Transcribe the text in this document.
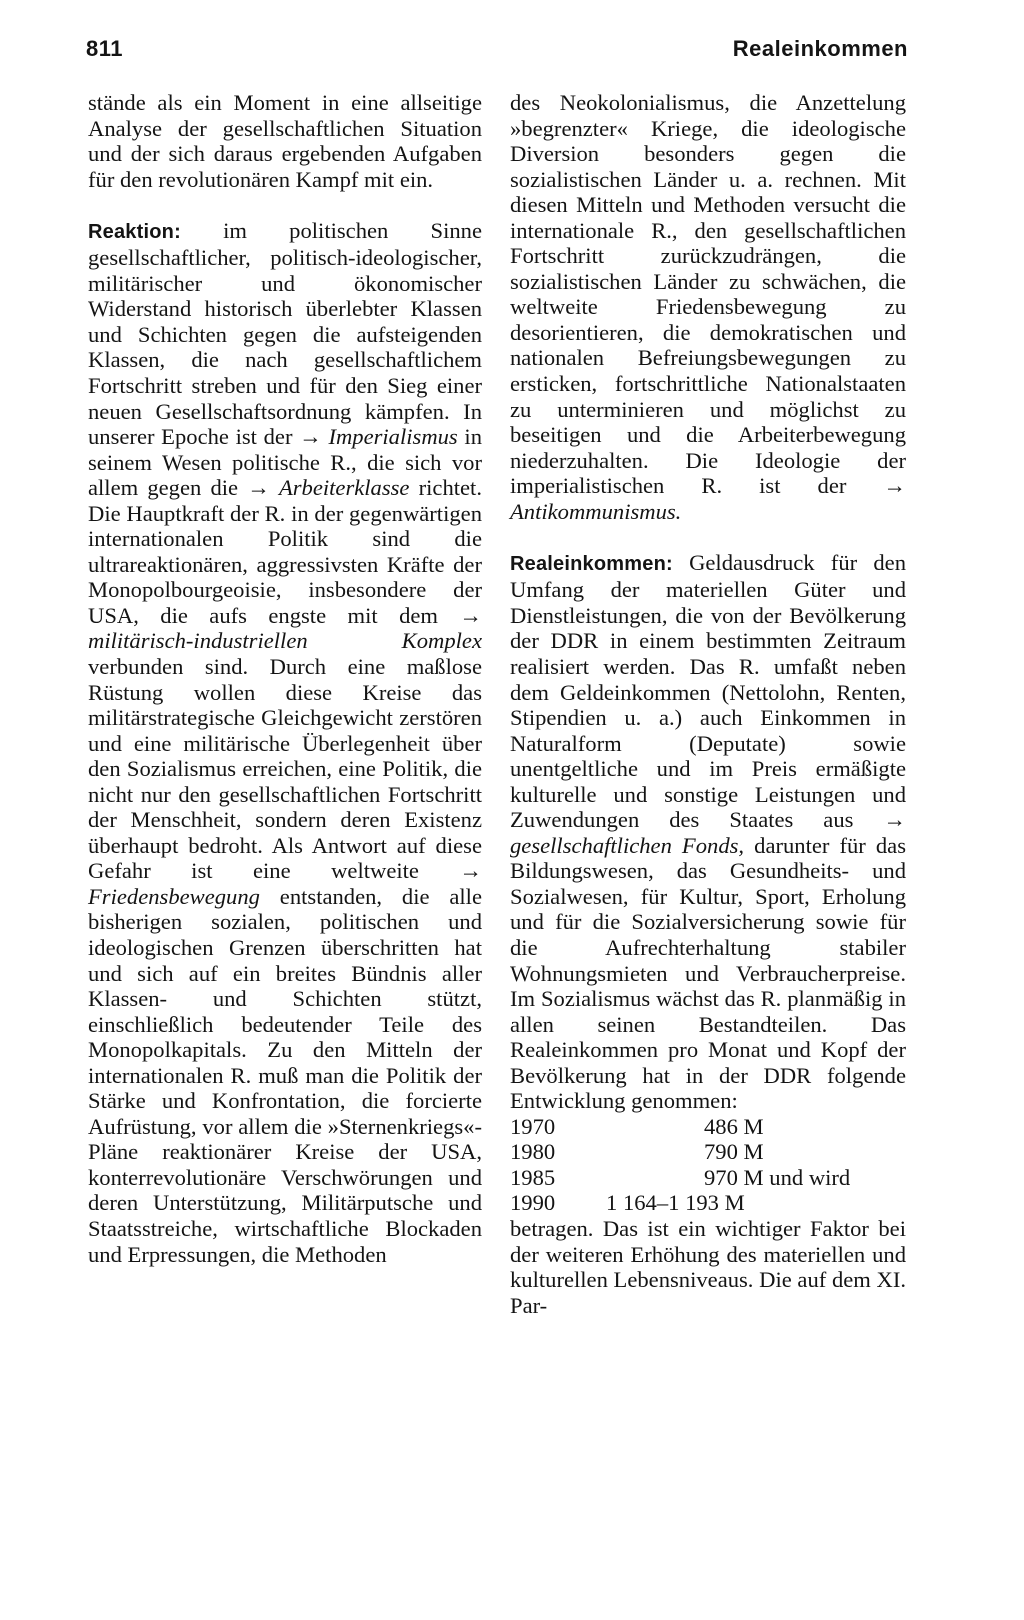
811	Realeinkommen

stände als ein Moment in eine allseitige Analyse der gesellschaftlichen Situation und der sich daraus ergebenden Aufgaben für den revolutionären Kampf mit ein.

Reaktion: im politischen Sinne gesellschaftlicher, politisch-ideologischer, militärischer und ökonomischer Widerstand historisch überlebter Klassen und Schichten gegen die aufsteigenden Klassen, die nach gesellschaftlichem Fortschritt streben und für den Sieg einer neuen Gesellschaftsordnung kämpfen. In unserer Epoche ist der → Imperialismus in seinem Wesen politische R., die sich vor allem gegen die → Arbeiterklasse richtet. Die Hauptkraft der R. in der gegenwärtigen internationalen Politik sind die ultrareaktionären, aggressivsten Kräfte der Monopolbourgeoisie, insbesondere der USA, die aufs engste mit dem → militärisch-industriellen Komplex verbunden sind. Durch eine maßlose Rüstung wollen diese Kreise das militärstrategische Gleichgewicht zerstören und eine militärische Überlegenheit über den Sozialismus erreichen, eine Politik, die nicht nur den gesellschaftlichen Fortschritt der Menschheit, sondern deren Existenz überhaupt bedroht. Als Antwort auf diese Gefahr ist eine weltweite → Friedensbewegung entstanden, die alle bisherigen sozialen, politischen und ideologischen Grenzen überschritten hat und sich auf ein breites Bündnis aller Klassen- und Schichten stützt, einschließlich bedeutender Teile des Monopolkapitals. Zu den Mitteln der internationalen R. muß man die Politik der Stärke und Konfrontation, die forcierte Aufrüstung, vor allem die »Sternenkriegs«-Pläne reaktionärer Kreise der USA, konterrevolutionäre Verschwörungen und deren Unterstützung, Militärputsche und Staatsstreiche, wirtschaftliche Blockaden und Erpressungen, die Methoden

des Neokolonialismus, die Anzettelung »begrenzter« Kriege, die ideologische Diversion besonders gegen die sozialistischen Länder u. a. rechnen. Mit diesen Mitteln und Methoden versucht die internationale R., den gesellschaftlichen Fortschritt zurückzudrängen, die sozialistischen Länder zu schwächen, die weltweite Friedensbewegung zu desorientieren, die demokratischen und nationalen Befreiungsbewegungen zu ersticken, fortschrittliche Nationalstaaten zu unterminieren und möglichst zu beseitigen und die Arbeiterbewegung niederzuhalten. Die Ideologie der imperialistischen R. ist der → Antikommunismus.

Realeinkommen: Geldausdruck für den Umfang der materiellen Güter und Dienstleistungen, die von der Bevölkerung der DDR in einem bestimmten Zeitraum realisiert werden. Das R. umfaßt neben dem Geldeinkommen (Nettolohn, Renten, Stipendien u. a.) auch Einkommen in Naturalform (Deputate) sowie unentgeltliche und im Preis ermäßigte kulturelle und sonstige Leistungen und Zuwendungen des Staates aus → gesellschaftlichen Fonds, darunter für das Bildungswesen, das Gesundheits- und Sozialwesen, für Kultur, Sport, Erholung und für die Sozialversicherung sowie für die Aufrechterhaltung stabiler Wohnungsmieten und Verbraucherpreise. Im Sozialismus wächst das R. planmäßig in allen seinen Bestandteilen. Das Realeinkommen pro Monat und Kopf der Bevölkerung hat in der DDR folgende Entwicklung genommen:

1970	486 M
1980	790 M
1985	970 M und wird
1990	1 164–1 193 M

betragen. Das ist ein wichtiger Faktor bei der weiteren Erhöhung des materiellen und kulturellen Lebensniveaus. Die auf dem XI. Par-
